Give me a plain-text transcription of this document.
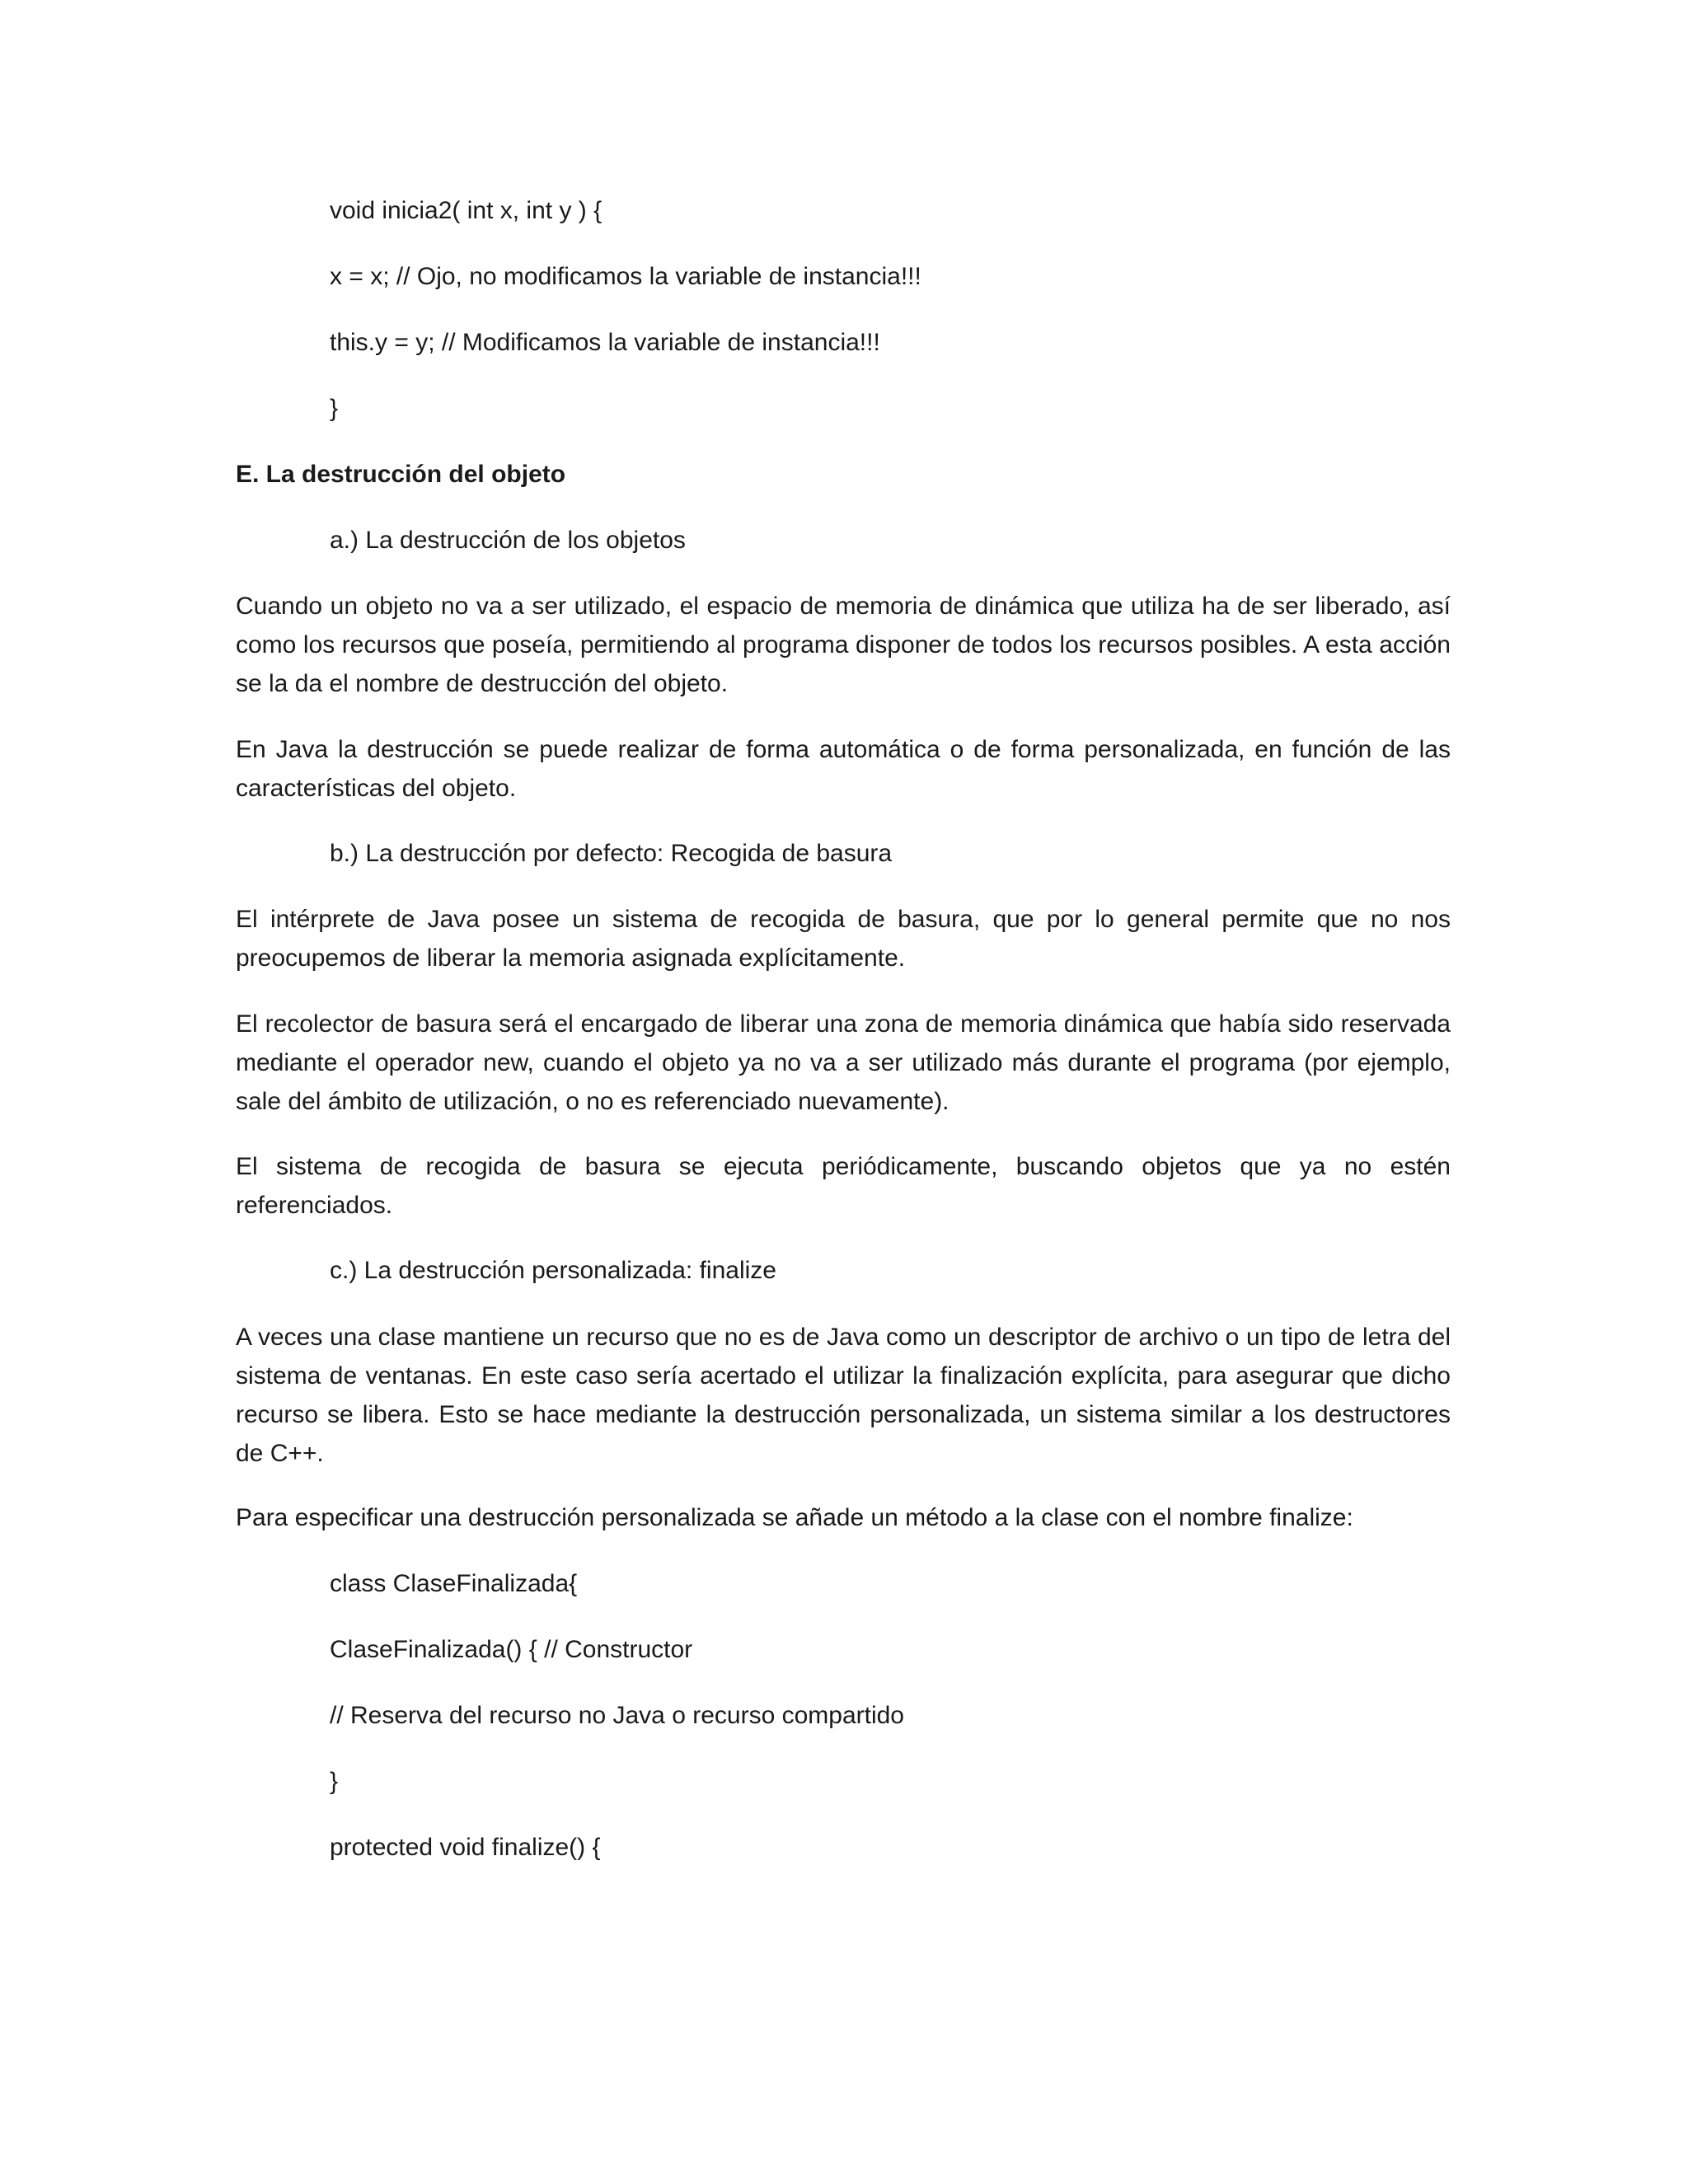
void inicia2( int x, int y ) {
x = x; // Ojo, no modificamos la variable de instancia!!!
this.y = y; // Modificamos la variable de instancia!!!
}
E. La destrucción del objeto
a.) La destrucción de los objetos

Cuando un objeto no va a ser utilizado, el espacio de memoria de dinámica que utiliza ha de ser liberado, así como los recursos que poseía, permitiendo al programa disponer de todos los recursos posibles. A esta acción se la da el nombre de destrucción del objeto.

En Java la destrucción se puede realizar de forma automática o de forma personalizada, en función de las características del objeto.

b.) La destrucción por defecto: Recogida de basura

El intérprete de Java posee un sistema de recogida de basura, que por lo general permite que no nos preocupemos de liberar la memoria asignada explícitamente.

El recolector de basura será el encargado de liberar una zona de memoria dinámica que había sido reservada mediante el operador new, cuando el objeto ya no va a ser utilizado más durante el programa (por ejemplo, sale del ámbito de utilización, o no es referenciado nuevamente).

El sistema de recogida de basura se ejecuta periódicamente, buscando objetos que ya no estén referenciados.

c.) La destrucción personalizada: finalize

A veces una clase mantiene un recurso que no es de Java como un descriptor de archivo o un tipo de letra del sistema de ventanas. En este caso sería acertado el utilizar la finalización explícita, para asegurar que dicho recurso se libera. Esto se hace mediante la destrucción personalizada, un sistema similar a los destructores de C++.

Para especificar una destrucción personalizada se añade un método a la clase con el nombre finalize:
class ClaseFinalizada{
ClaseFinalizada() { // Constructor
// Reserva del recurso no Java o recurso compartido
}
protected void finalize() {
